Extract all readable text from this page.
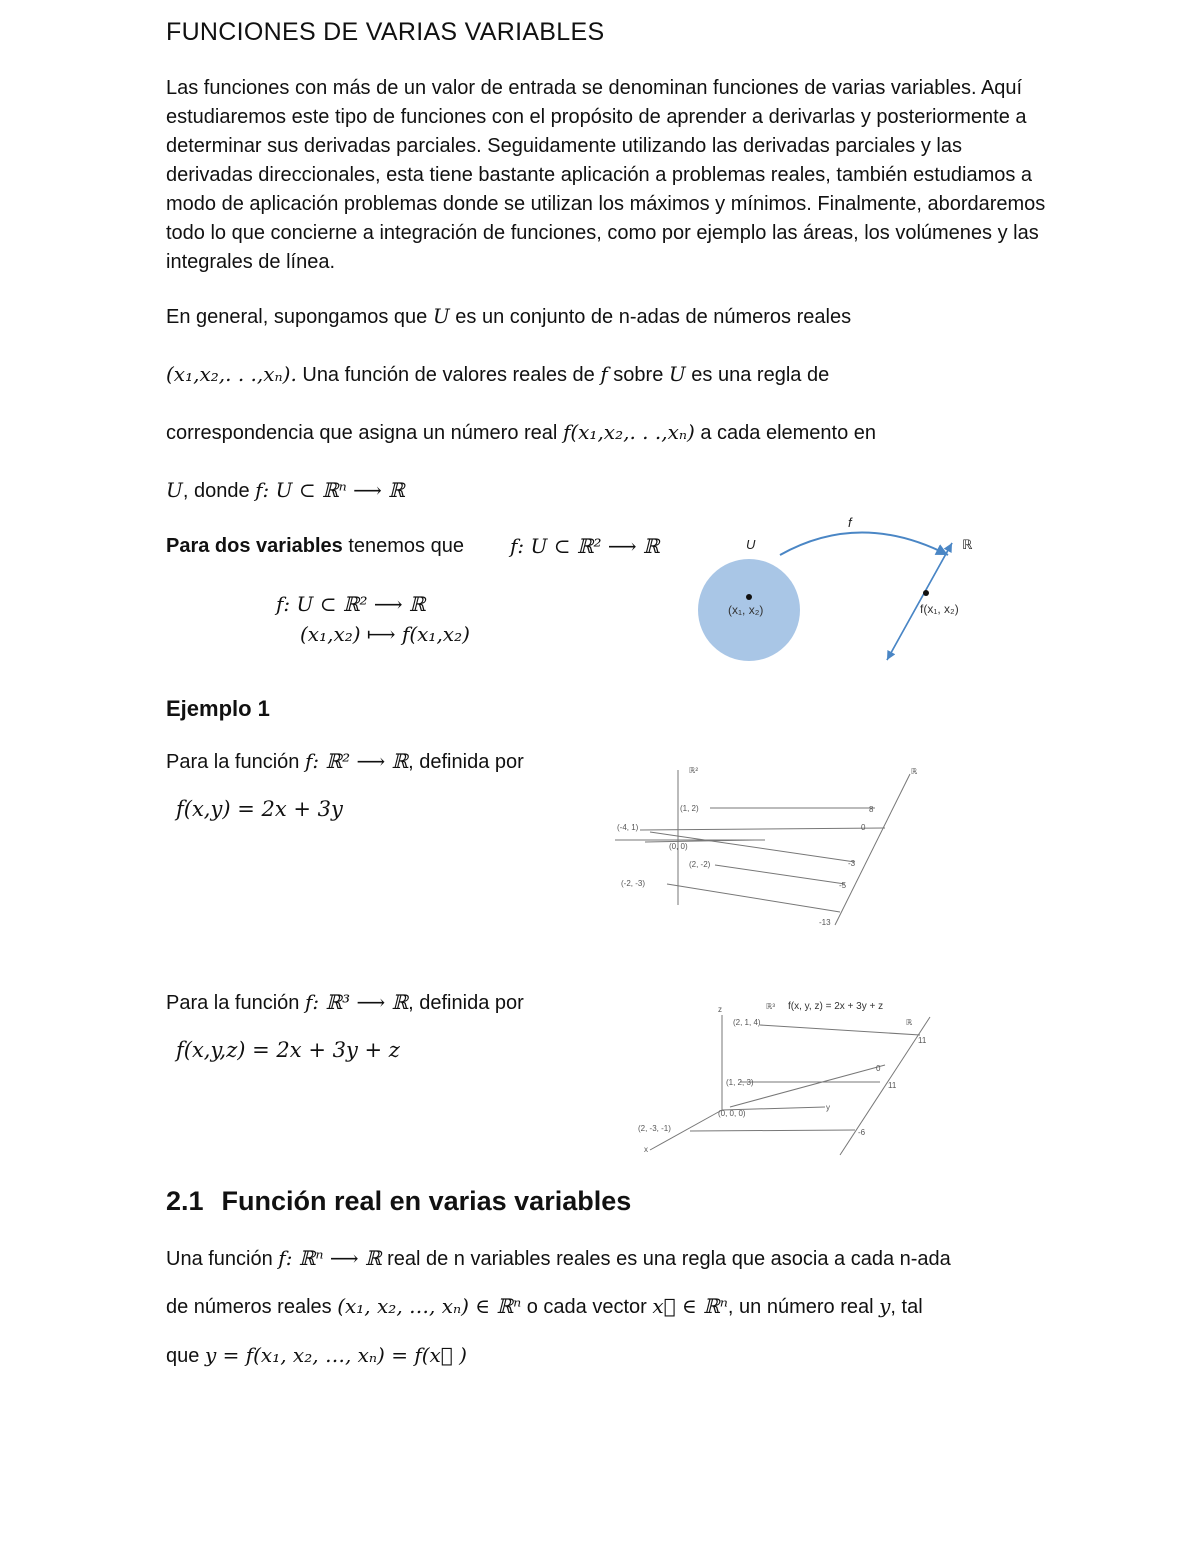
FUNCIONES DE VARIAS VARIABLES
Las funciones con más de un valor de entrada se denominan funciones de varias variables. Aquí estudiaremos este tipo de funciones con el propósito de aprender a derivarlas y posteriormente a determinar sus derivadas parciales. Seguidamente utilizando las derivadas parciales y las derivadas direccionales, esta tiene bastante aplicación a problemas reales, también estudiamos a modo de aplicación problemas donde se utilizan los máximos y mínimos. Finalmente, abordaremos todo lo que concierne a integración de funciones, como por ejemplo las áreas, los volúmenes y las integrales de línea.
En general, supongamos que U es un conjunto de n-adas de números reales
(x₁,x₂,. . .,xₙ). Una función de valores reales de f sobre U es una regla de
correspondencia que asigna un número real f(x₁,x₂,. . .,xₙ) a cada elemento en
U, donde f: U ⊂ ℝⁿ ⟶ ℝ
Para dos variables tenemos que f: U ⊂ ℝ² ⟶ ℝ
f: U ⊂ ℝ² ⟶ ℝ
(x₁,x₂) ⟼ f(x₁,x₂)
(x₁, x₂)
U
f
ℝ
f(x₁, x₂)
Ejemplo 1
Para la función f: ℝ² ⟶ ℝ, definida por
f(x,y) = 2x + 3y
ℝ²	ℝ
(1, 2)
(-4, 1)
(0, 0)
(2, -2)
(-2, -3)
8
0
-3
-5
-13
Para la función f: ℝ³ ⟶ ℝ, definida por
f(x,y,z) = 2x + 3y + z
z
y
x
ℝ³ f(x, y, z) = 2x + 3y + z
ℝ
(2, 1, 4)
(1, 2, 3)
(0, 0, 0)
(2, -3, -1)
11
11
0
-6
2.1 Función real en varias variables
Una función f: ℝⁿ ⟶ ℝ real de n variables reales es una regla que asocia a cada n-ada
de números reales (x₁, x₂, …, xₙ) ∈ ℝⁿ o cada vector x⃗ ∈ ℝⁿ, un número real y, tal
que y = f(x₁, x₂, …, xₙ) = f(x⃗ )
